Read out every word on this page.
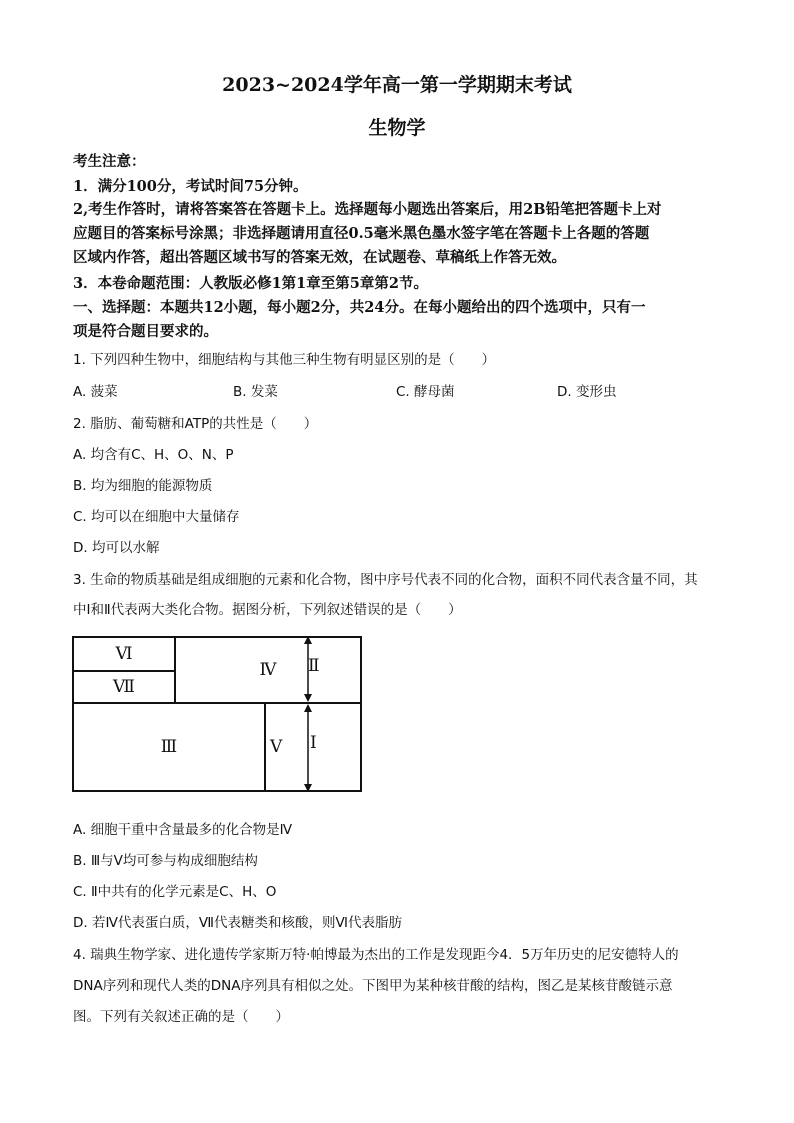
2023~2024学年高一第一学期期末考试
生物学
考生注意：
1．满分100分，考试时间75分钟。
2,考生作答时，请将答案答在答题卡上。选择题每小题选出答案后，用2B铅笔把答题卡上对
应题目的答案标号涂黑；非选择题请用直径0.5毫米黑色墨水签字笔在答题卡上各题的答题
区域内作答，超出答题区域书写的答案无效，在试题卷、草稿纸上作答无效。
3．本卷命题范围：人教版必修1第1章至第5章第2节。
一、选择题：本题共12小题，每小题2分，共24分。在每小题给出的四个选项中，只有一
项是符合题目要求的。
1. 下列四种生物中，细胞结构与其他三种生物有明显区别的是（　　）
A. 菠菜	B. 发菜	C. 酵母菌	D. 变形虫
2. 脂肪、葡萄糖和ATP的共性是（　　）
A. 均含有C、H、O、N、P
B. 均为细胞的能源物质
C. 均可以在细胞中大量储存
D. 均可以水解
3. 生命的物质基础是组成细胞的元素和化合物，图中序号代表不同的化合物，面积不同代表含量不同，其
中Ⅰ和Ⅱ代表两大类化合物。据图分析，下列叙述错误的是（　　）
Ⅵ
Ⅶ
Ⅳ
Ⅲ	Ⅴ
Ⅱ
Ⅰ
A. 细胞干重中含量最多的化合物是Ⅳ
B. Ⅲ与Ⅴ均可参与构成细胞结构
C. Ⅱ中共有的化学元素是C、H、O
D. 若Ⅳ代表蛋白质，Ⅶ代表糖类和核酸，则Ⅵ代表脂肪
4. 瑞典生物学家、进化遗传学家斯万特·帕博最为杰出的工作是发现距今4．5万年历史的尼安德特人的
DNA序列和现代人类的DNA序列具有相似之处。下图甲为某种核苷酸的结构，图乙是某核苷酸链示意
图。下列有关叙述正确的是（　　）
